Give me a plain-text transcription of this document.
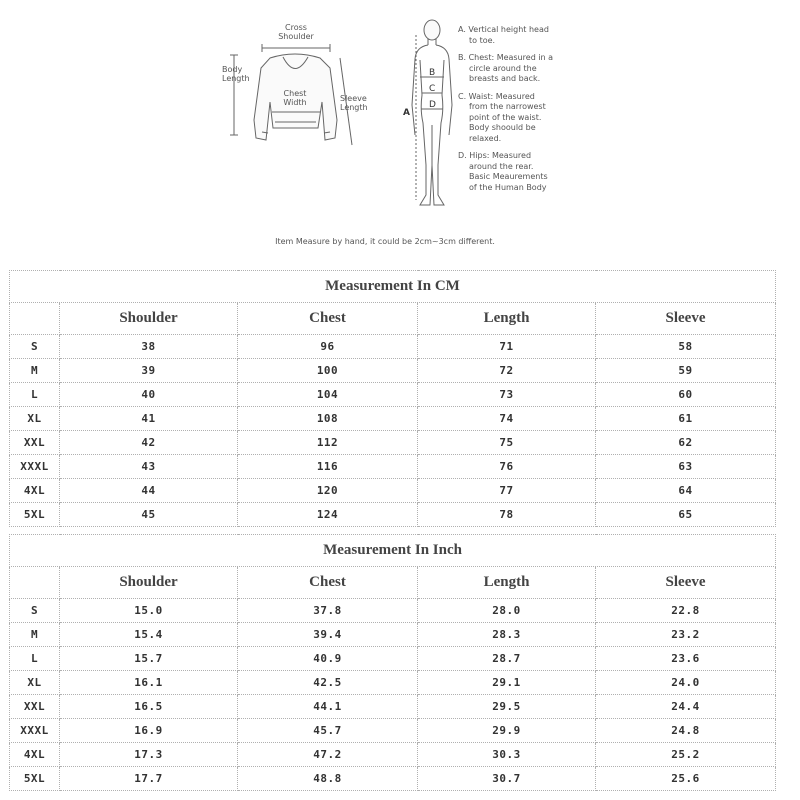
Cross Shoulder
Body Length
Chest Width	Sleeve Length
A
B
C
D

A. Vertical height head
to toe.

B. Chest: Measured in a
circle around the
breasts and back.

C. Waist: Measured
from the narrowest
point of the waist.
Body shoould be
relaxed.

D. Hips: Measured
around the rear.
Basic Meaurements
of the Human Body

Item Measure by hand, it could be 2cm~3cm different.
Measurement In CM				
	Shoulder	Chest	Length	Sleeve
S	38	96	71	58
M	39	100	72	59
L	40	104	73	60
XL	41	108	74	61
XXL	42	112	75	62
XXXL	43	116	76	63
4XL	44	120	77	64
5XL	45	124	78	65
Measurement In Inch				
	Shoulder	Chest	Length	Sleeve
S	15.0	37.8	28.0	22.8
M	15.4	39.4	28.3	23.2
L	15.7	40.9	28.7	23.6
XL	16.1	42.5	29.1	24.0
XXL	16.5	44.1	29.5	24.4
XXXL	16.9	45.7	29.9	24.8
4XL	17.3	47.2	30.3	25.2
5XL	17.7	48.8	30.7	25.6
